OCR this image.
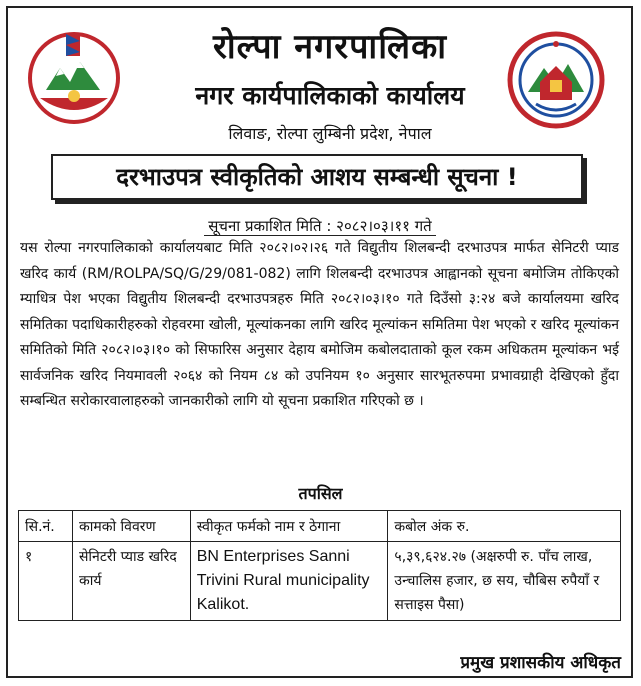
रोल्पा नगरपालिका
नगर कार्यपालिकाको कार्यालय
लिवाङ, रोल्पा लुम्बिनी प्रदेश, नेपाल
दरभाउपत्र स्वीकृतिको आशय सम्बन्धी सूचना !
सूचना प्रकाशित मिति : २०८२।०३।११ गते
यस रोल्पा नगरपालिकाको कार्यालयबाट मिति २०८२।०२।२६ गते विद्युतीय शिलबन्दी दरभाउपत्र मार्फत सेनिटरी प्याड खरिद कार्य (RM/ROLPA/SQ/G/29/081-082) लागि शिलबन्दी दरभाउपत्र आह्वानको सूचना बमोजिम तोकिएको म्याधित्र पेश भएका विद्युतीय शिलबन्दी दरभाउपत्रहरु मिति २०८२।०३।१० गते दिउँसो ३:२४ बजे कार्यालयमा खरिद समितिका पदाधिकारीहरुको रोहवरमा खोली, मूल्यांकनका लागि खरिद मूल्यांकन समितिमा पेश भएको र खरिद मूल्यांकन समितिको मिति २०८२।०३।१० को सिफारिस अनुसार देहाय बमोजिम कबोलदाताको कूल रकम अधिकतम मूल्यांकन भई सार्वजनिक खरिद नियमावली २०६४ को नियम ८४ को उपनियम १० अनुसार सारभूतरुपमा प्रभावग्राही देखिएको हुँदा सम्बन्धित सरोकारवालाहरुको जानकारीको लागि यो सूचना प्रकाशित गरिएको छ ।
तपसिल
सि.नं.	कामको विवरण	स्वीकृत फर्मको नाम र ठेगाना	कबोल अंक रु.
१	सेनिटरी प्याड खरिद कार्य	BN Enterprises Sanni Trivini Rural municipality Kalikot.	५,३९,६२४.२७ (अक्षरुपी रु. पाँच लाख, उन्चालिस हजार, छ सय, चौबिस रुपैयाँ र सत्ताइस पैसा)
प्रमुख प्रशासकीय अधिकृत
